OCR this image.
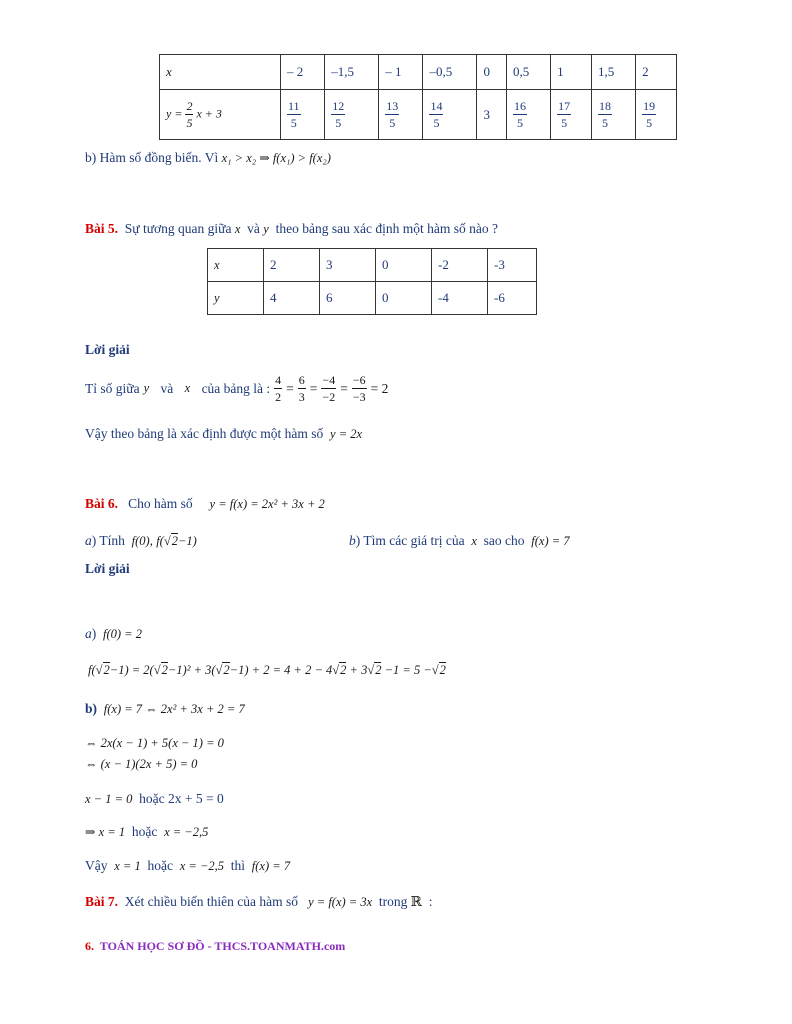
x	– 2	–1,5	– 1	–0,5	0	0,5	1	1,5	2
$y = \frac{2}{5}$ x + 3	$\frac{11}{5}$	$\frac{12}{5}$	$\frac{13}{5}$	$\frac{14}{5}$	3	$\frac{16}{5}$	$\frac{17}{5}$	$\frac{18}{5}$	$\frac{19}{5}$
b) Hàm số đồng biến. Vì x₁ > x₂ ⇒ f(x₁) > f(x₂)
Bài 5. Sự tương quan giữa x và y theo bảng sau xác định một hàm số nào ?
x	2	3	0	-2	-3
y	4	6	0	-4	-6
Lời giải
Tỉ số giữa y
và
x
của bảng là : $\frac{4}{2} = \frac{6}{3} = \frac{-4}{-2} = \frac{-6}{-3} = 2$
Vậy theo bảng là xác định được một hàm số y = 2x
Bài 6. Cho hàm số y = f(x) = 2x² + 3x + 2
a) Tính f(0), f(√2−1)	b) Tìm các giá trị của x sao cho f(x) = 7
Lời giải
a)  f(0) = 2
f(√2−1) = 2(√2−1)² + 3(√2−1) + 2 = 4 + 2 − 4√2 + 3√2 −1 = 5 −√2
b) f(x) = 7 ⇔ 2x² + 3x + 2 = 7
⇔ 2x(x − 1) + 5(x − 1) = 0
⇔ (x − 1)(2x + 5) = 0
x − 1 = 0 hoặc 2x + 5 = 0
⇒ x = 1 hoặc x = −2,5
Vậy x = 1 hoặc x = −2,5 thì f(x) = 7
Bài 7. Xét chiều biến thiên của hàm số y = f(x) = 3x trong ℝ :
6. TOÁN HỌC SƠ ĐỒ - THCS.TOANMATH.com
